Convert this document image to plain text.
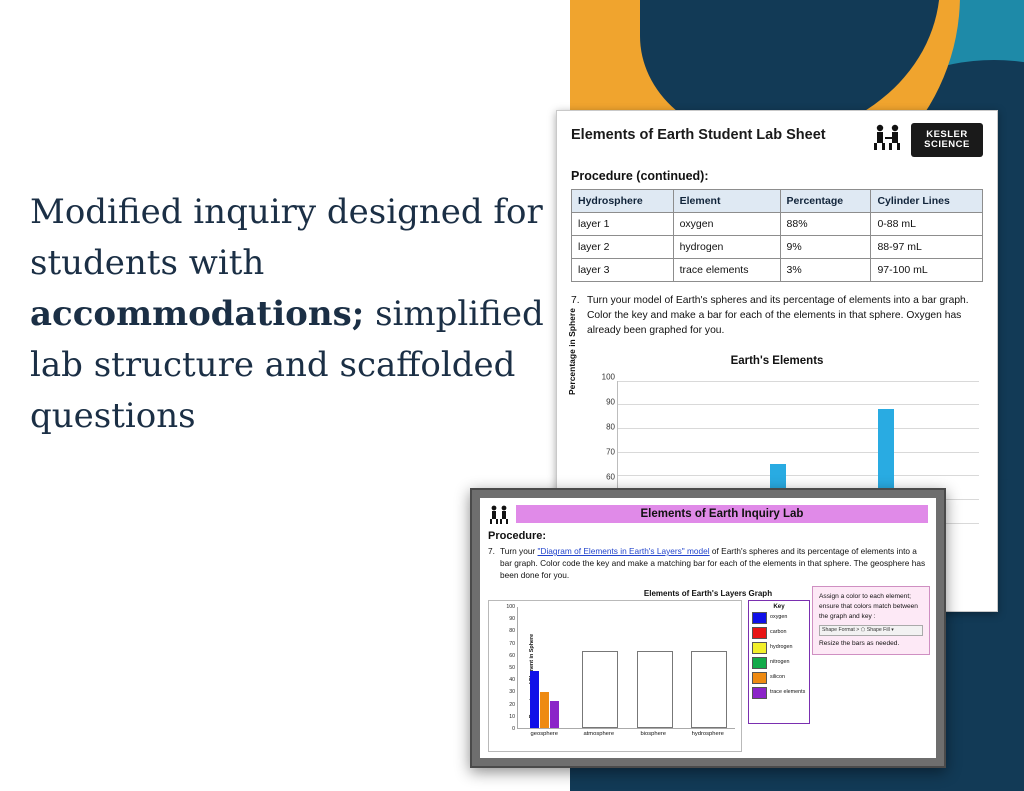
Level Two
Modified inquiry designed for students with accommodations; simplified lab structure and scaffolded questions
Elements of Earth Student Lab Sheet	KESLER
SCIENCE
Procedure (continued):
Hydrosphere	Element	Percentage	Cylinder Lines
layer 1	oxygen	88%	0-88 mL
layer 2	hydrogen	9%	88-97 mL
layer 3	trace elements	3%	97-100 mL
7. Turn your model of Earth's spheres and its percentage of elements into a bar graph. Color the key and make a bar for each of the elements in that sphere. Oxygen has already been graphed for you.
Earth's Elements
Percentage in Sphere	100
90
80
70
60
Elements of Earth Inquiry Lab
Procedure:
7. Turn your "Diagram of Elements in Earth's Layers" model of Earth's spheres and its percentage of elements into a bar graph. Color code the key and make a matching bar for each of the elements in that sphere. The geosphere has been done for you.
Elements of Earth's Layers Graph
100
90
80
70
60
50
40
30
20
10
0
geosphere	atmosphere	biosphere	hydrosphere
Key
oxygen
carbon
hydrogen
nitrogen
silicon
trace elements
Assign a color to each element; ensure that colors match between the graph and key :
Shape Format > ⬠ Shape Fill ▾
Resize the bars as needed.
